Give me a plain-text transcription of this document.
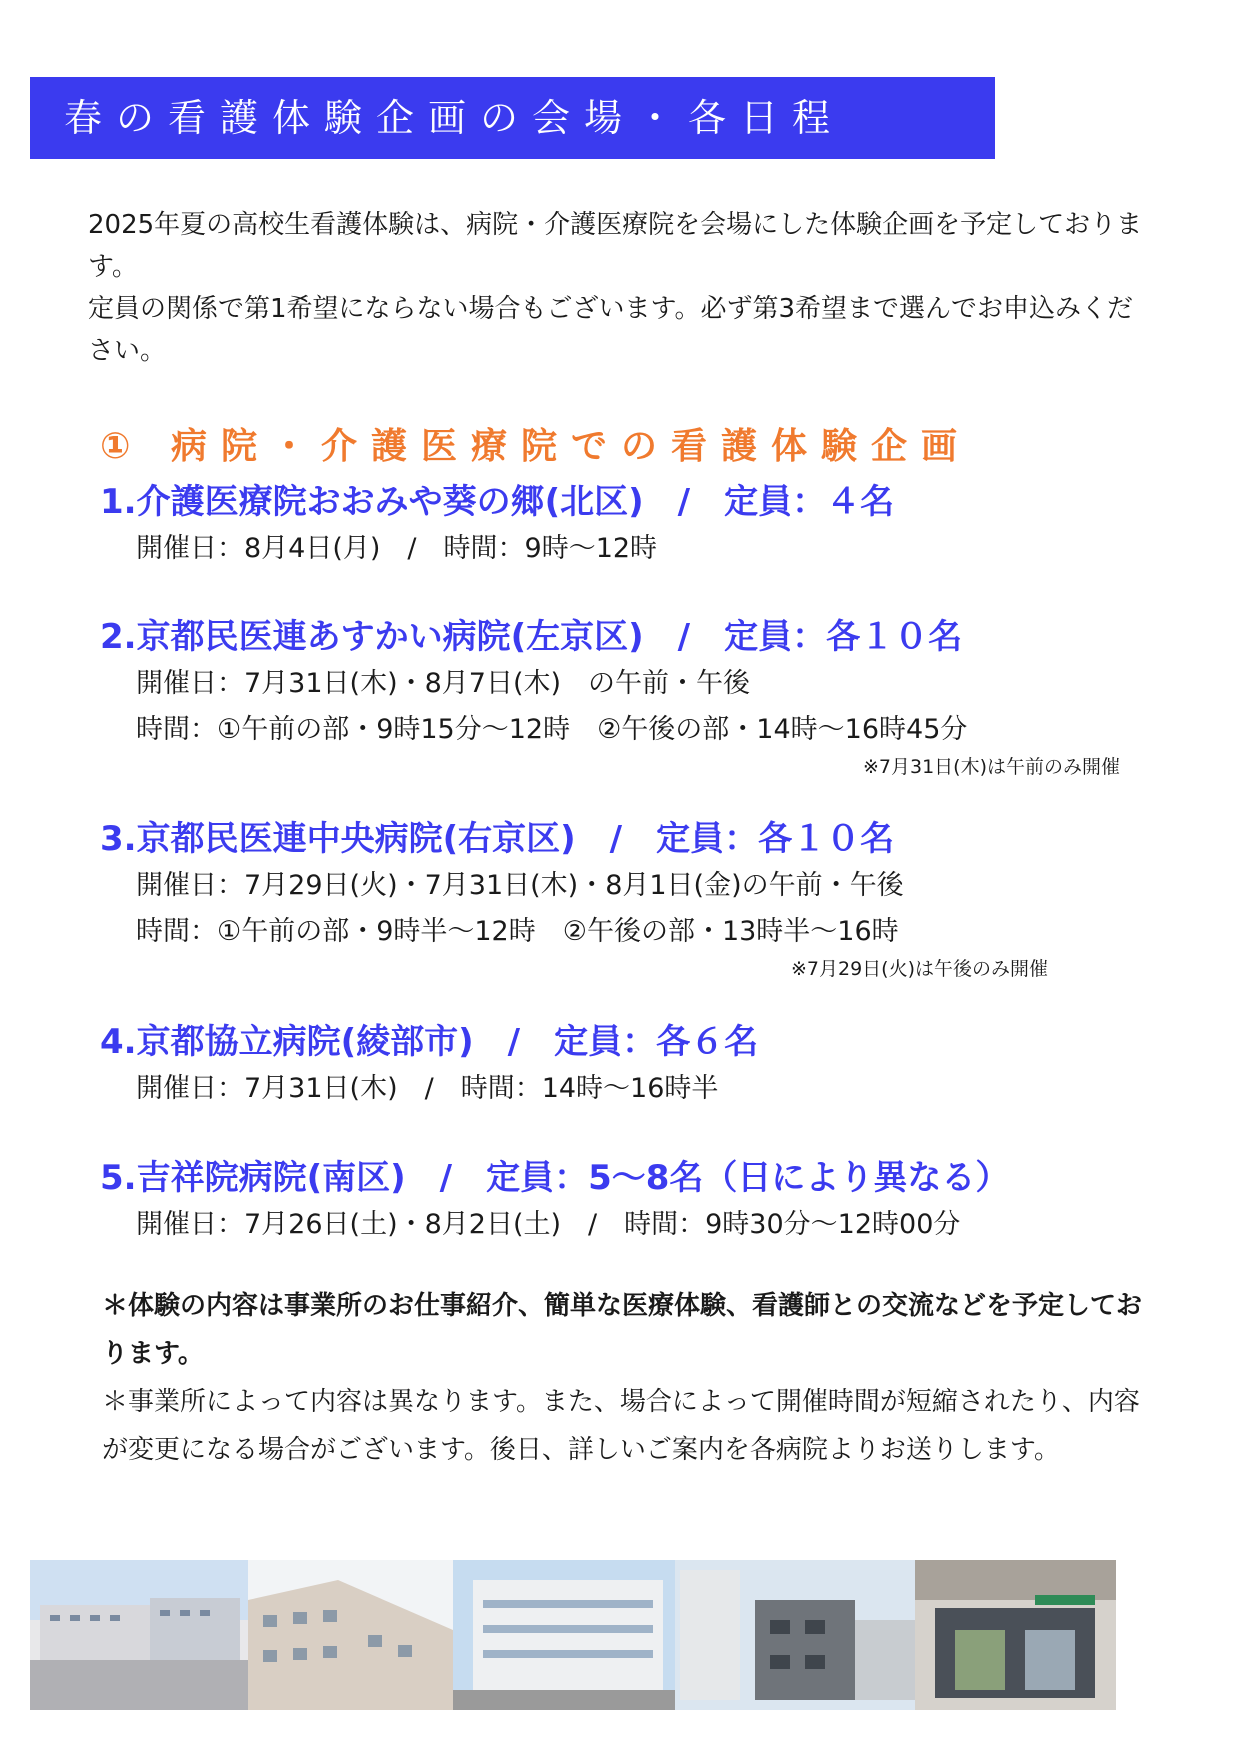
春の看護体験企画の会場・各日程

2025年夏の高校生看護体験は、病院・介護医療院を会場にした体験企画を予定しております。

定員の関係で第1希望にならない場合もございます。必ず第3希望まで選んでお申込みください。

① 病院・介護医療院での看護体験企画
1.介護医療院おおみや葵の郷(北区)　/　定員：４名
開催日：8月4日(月)　/　時間：9時～12時
2.京都民医連あすかい病院(左京区)　/　定員：各１０名
開催日：7月31日(木)・8月7日(木)　の午前・午後
時間：①午前の部・9時15分～12時　②午後の部・14時～16時45分
※7月31日(木)は午前のみ開催
3.京都民医連中央病院(右京区)　/　定員：各１０名
開催日：7月29日(火)・7月31日(木)・8月1日(金)の午前・午後
時間：①午前の部・9時半～12時　②午後の部・13時半～16時
※7月29日(火)は午後のみ開催
4.京都協立病院(綾部市)　/　定員：各６名
開催日：7月31日(木)　/　時間：14時～16時半
5.吉祥院病院(南区)　/　定員：5～8名（日により異なる）
開催日：7月26日(土)・8月2日(土)　/　時間：9時30分～12時00分

＊体験の内容は事業所のお仕事紹介、簡単な医療体験、看護師との交流などを予定しております。

＊事業所によって内容は異なります。また、場合によって開催時間が短縮されたり、内容が変更になる場合がございます。後日、詳しいご案内を各病院よりお送りします。
